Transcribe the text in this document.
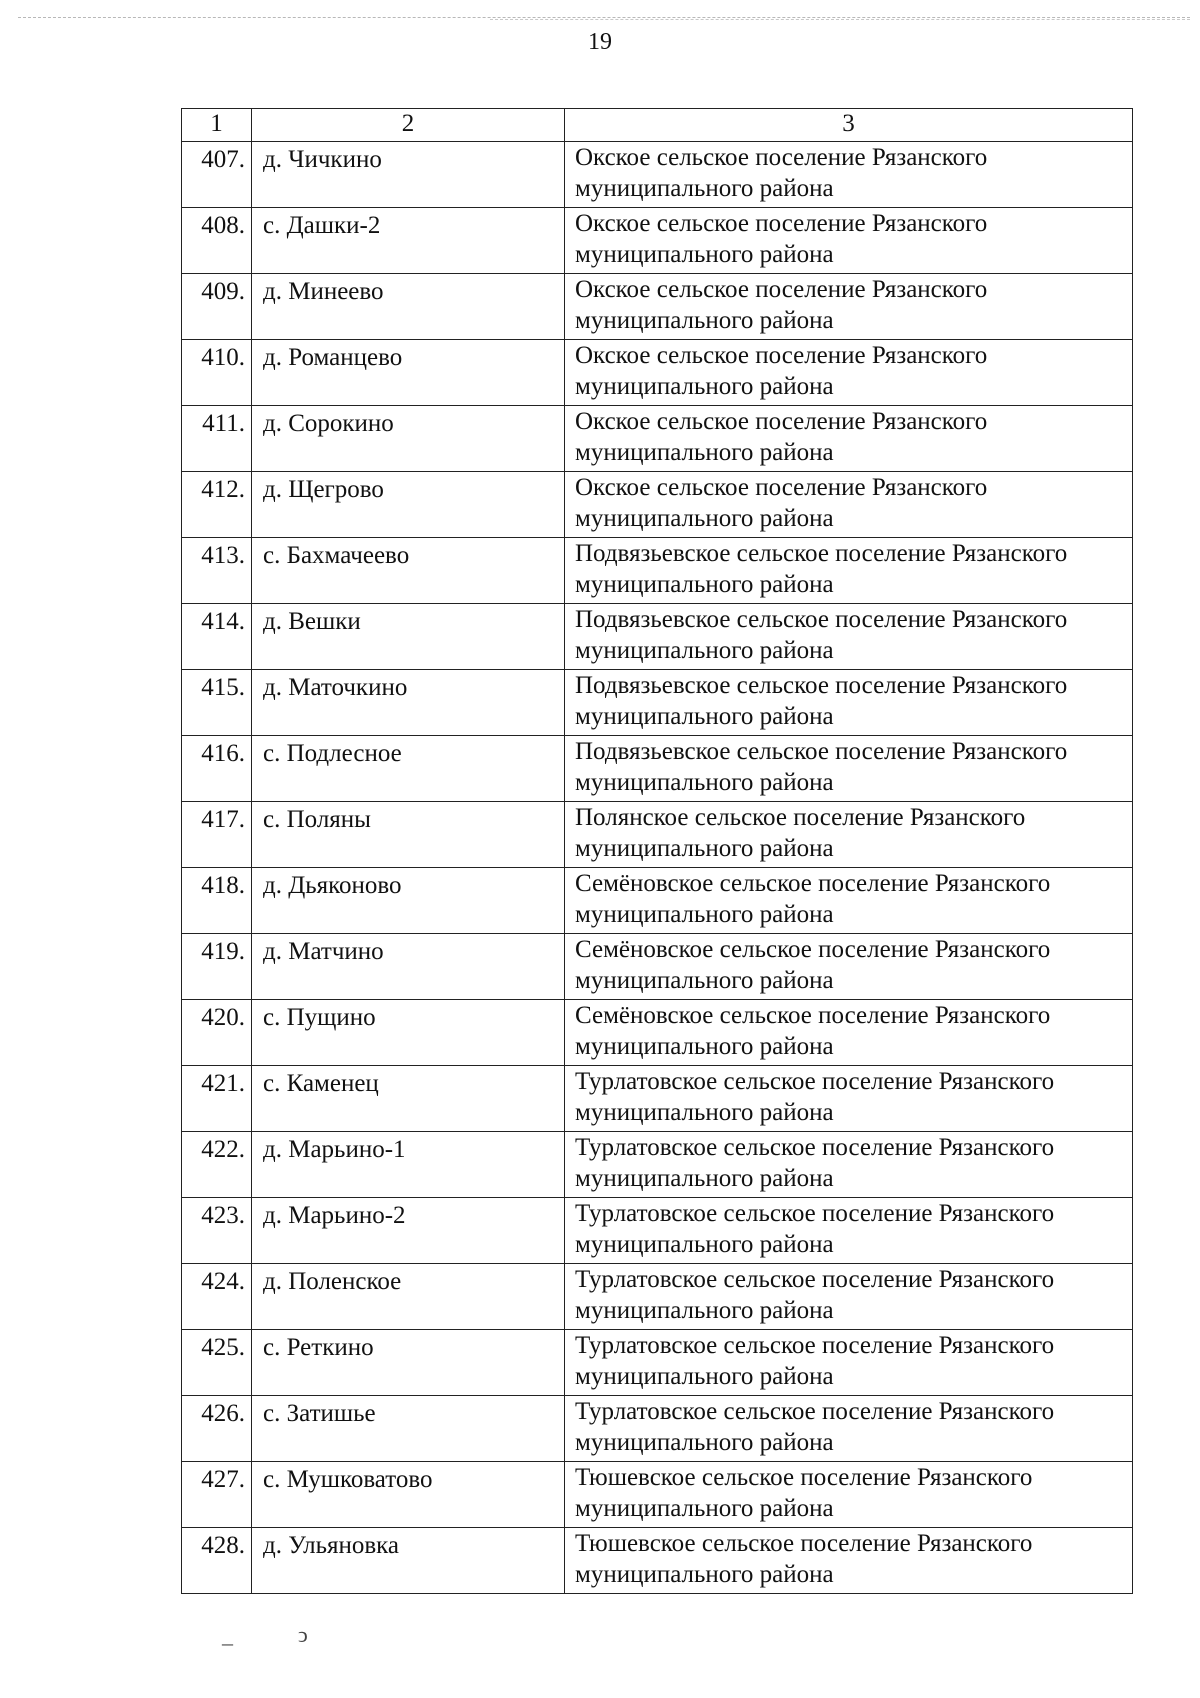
19
1	2	3
407.	д. Чичкино	Окское сельское поселение Рязанского муниципального района
408.	с. Дашки-2	Окское сельское поселение Рязанского муниципального района
409.	д. Минеево	Окское сельское поселение Рязанского муниципального района
410.	д. Романцево	Окское сельское поселение Рязанского муниципального района
411.	д. Сорокино	Окское сельское поселение Рязанского муниципального района
412.	д. Щегрово	Окское сельское поселение Рязанского муниципального района
413.	с. Бахмачеево	Подвязьевское сельское поселение Рязанского муниципального района
414.	д. Вешки	Подвязьевское сельское поселение Рязанского муниципального района
415.	д. Маточкино	Подвязьевское сельское поселение Рязанского муниципального района
416.	с. Подлесное	Подвязьевское сельское поселение Рязанского муниципального района
417.	с. Поляны	Полянское сельское поселение Рязанского муниципального района
418.	д. Дьяконово	Семёновское сельское поселение Рязанского муниципального района
419.	д. Матчино	Семёновское сельское поселение Рязанского муниципального района
420.	с. Пущино	Семёновское сельское поселение Рязанского муниципального района
421.	с. Каменец	Турлатовское сельское поселение Рязанского муниципального района
422.	д. Марьино-1	Турлатовское сельское поселение Рязанского муниципального района
423.	д. Марьино-2	Турлатовское сельское поселение Рязанского муниципального района
424.	д. Поленское	Турлатовское сельское поселение Рязанского муниципального района
425.	с. Реткино	Турлатовское сельское поселение Рязанского муниципального района
426.	с. Затишье	Турлатовское сельское поселение Рязанского муниципального района
427.	с. Мушковатово	Тюшевское сельское поселение Рязанского муниципального района
428.	д. Ульяновка	Тюшевское сельское поселение Рязанского муниципального района
–	ͻ
